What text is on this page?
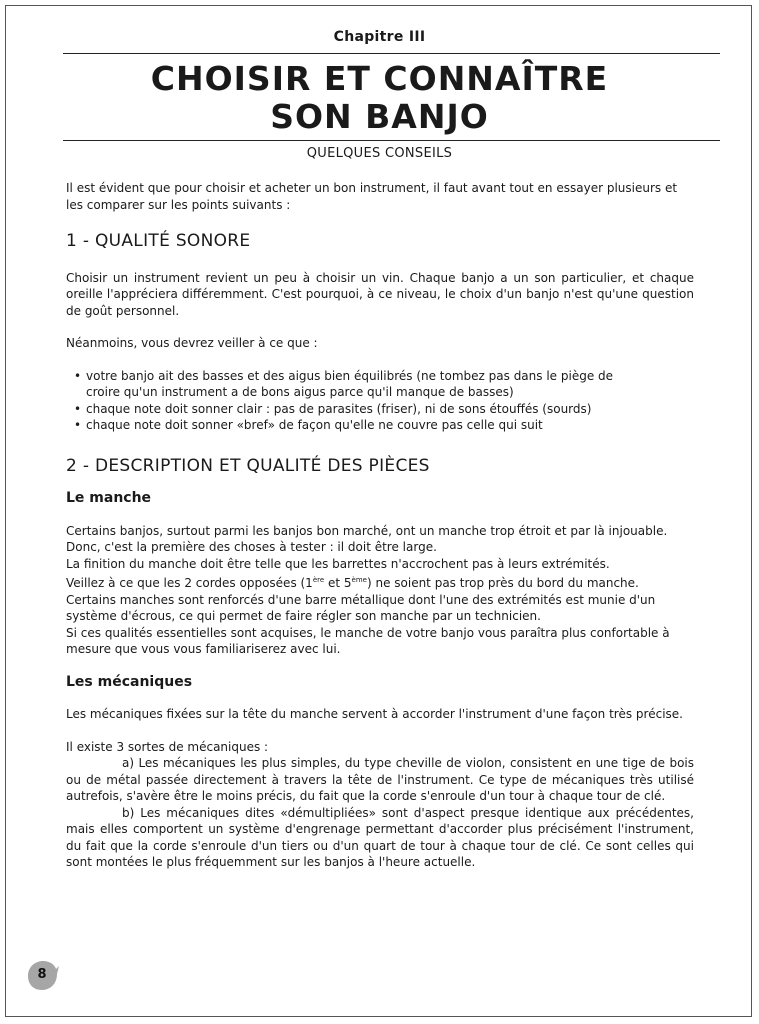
Chapitre III
CHOISIR ET CONNAÎTRE
SON BANJO
QUELQUES CONSEILS

Il est évident que pour choisir et acheter un bon instrument, il faut avant tout en essayer plusieurs et les comparer sur les points suivants :

1 - QUALITÉ SONORE

Choisir un instrument revient un peu à choisir un vin. Chaque banjo a un son particulier, et chaque oreille l'appréciera différemment. C'est pourquoi, à ce niveau, le choix d'un banjo n'est qu'une question de goût personnel.

Néanmoins, vous devrez veiller à ce que :

• votre banjo ait des basses et des aigus bien équilibrés (ne tombez pas dans le piège de croire qu'un instrument a de bons aigus parce qu'il manque de basses)
• chaque note doit sonner clair : pas de parasites (friser), ni de sons étouffés (sourds)
• chaque note doit sonner «bref» de façon qu'elle ne couvre pas celle qui suit
2 - DESCRIPTION ET QUALITÉ DES PIÈCES
Le manche

Certains banjos, surtout parmi les banjos bon marché, ont un manche trop étroit et par là injouable. Donc, c'est la première des choses à tester : il doit être large.

La finition du manche doit être telle que les barrettes n'accrochent pas à leurs extrémités.

Veillez à ce que les 2 cordes opposées (1ère et 5ème) ne soient pas trop près du bord du manche.

Certains manches sont renforcés d'une barre métallique dont l'une des extrémités est munie d'un système d'écrous, ce qui permet de faire régler son manche par un technicien.

Si ces qualités essentielles sont acquises, le manche de votre banjo vous paraîtra plus confortable à mesure que vous vous familiariserez avec lui.

Les mécaniques

Les mécaniques fixées sur la tête du manche servent à accorder l'instrument d'une façon très précise.

Il existe 3 sortes de mécaniques :

a) Les mécaniques les plus simples, du type cheville de violon, consistent en une tige de bois ou de métal passée directement à travers la tête de l'instrument. Ce type de mécaniques très utilisé autrefois, s'avère être le moins précis, du fait que la corde s'enroule d'un tour à chaque tour de clé.

b) Les mécaniques dites «démultipliées» sont d'aspect presque identique aux précédentes, mais elles comportent un système d'engrenage permettant d'accorder plus précisément l'instrument, du fait que la corde s'enroule d'un tiers ou d'un quart de tour à chaque tour de clé. Ce sont celles qui sont montées le plus fréquemment sur les banjos à l'heure actuelle.

8
